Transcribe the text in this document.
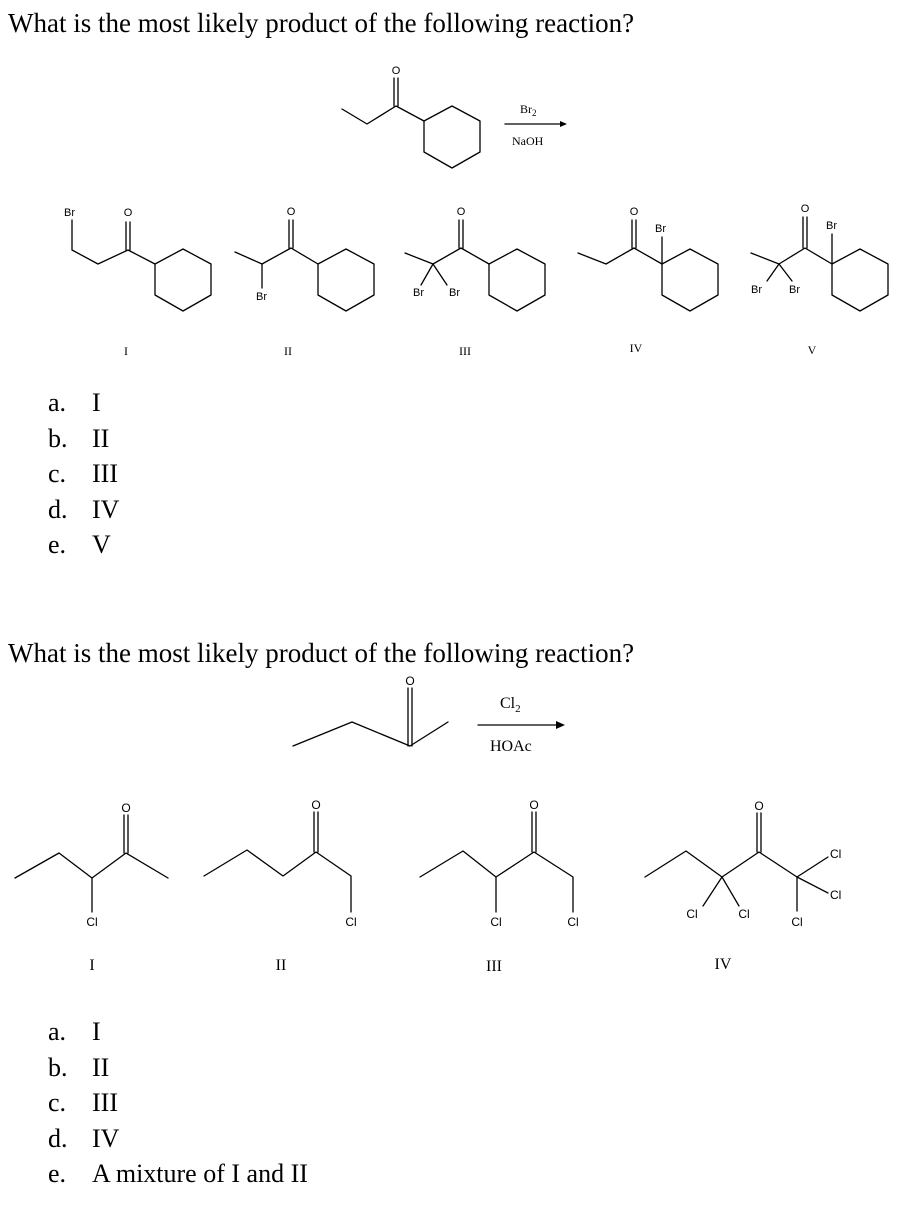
What is the most likely product of the following reaction?
O
$Br_2$
NaOH
Br	O
I
Br
O
II
Br Br
O
III
O
Br
IV
Br Br
O
Br
V
O
$Cl_2$
HOAc
Cl
O
I
Cl
O
II
Cl	Cl
O
III
Cl	Cl
O
Cl
Cl
Cl
IV
a. I
b. II
c. III
d. IV
e. V
What is the most likely product of the following reaction?
a. I
b. II
c. III
d. IV
e. A mixture of I and II
